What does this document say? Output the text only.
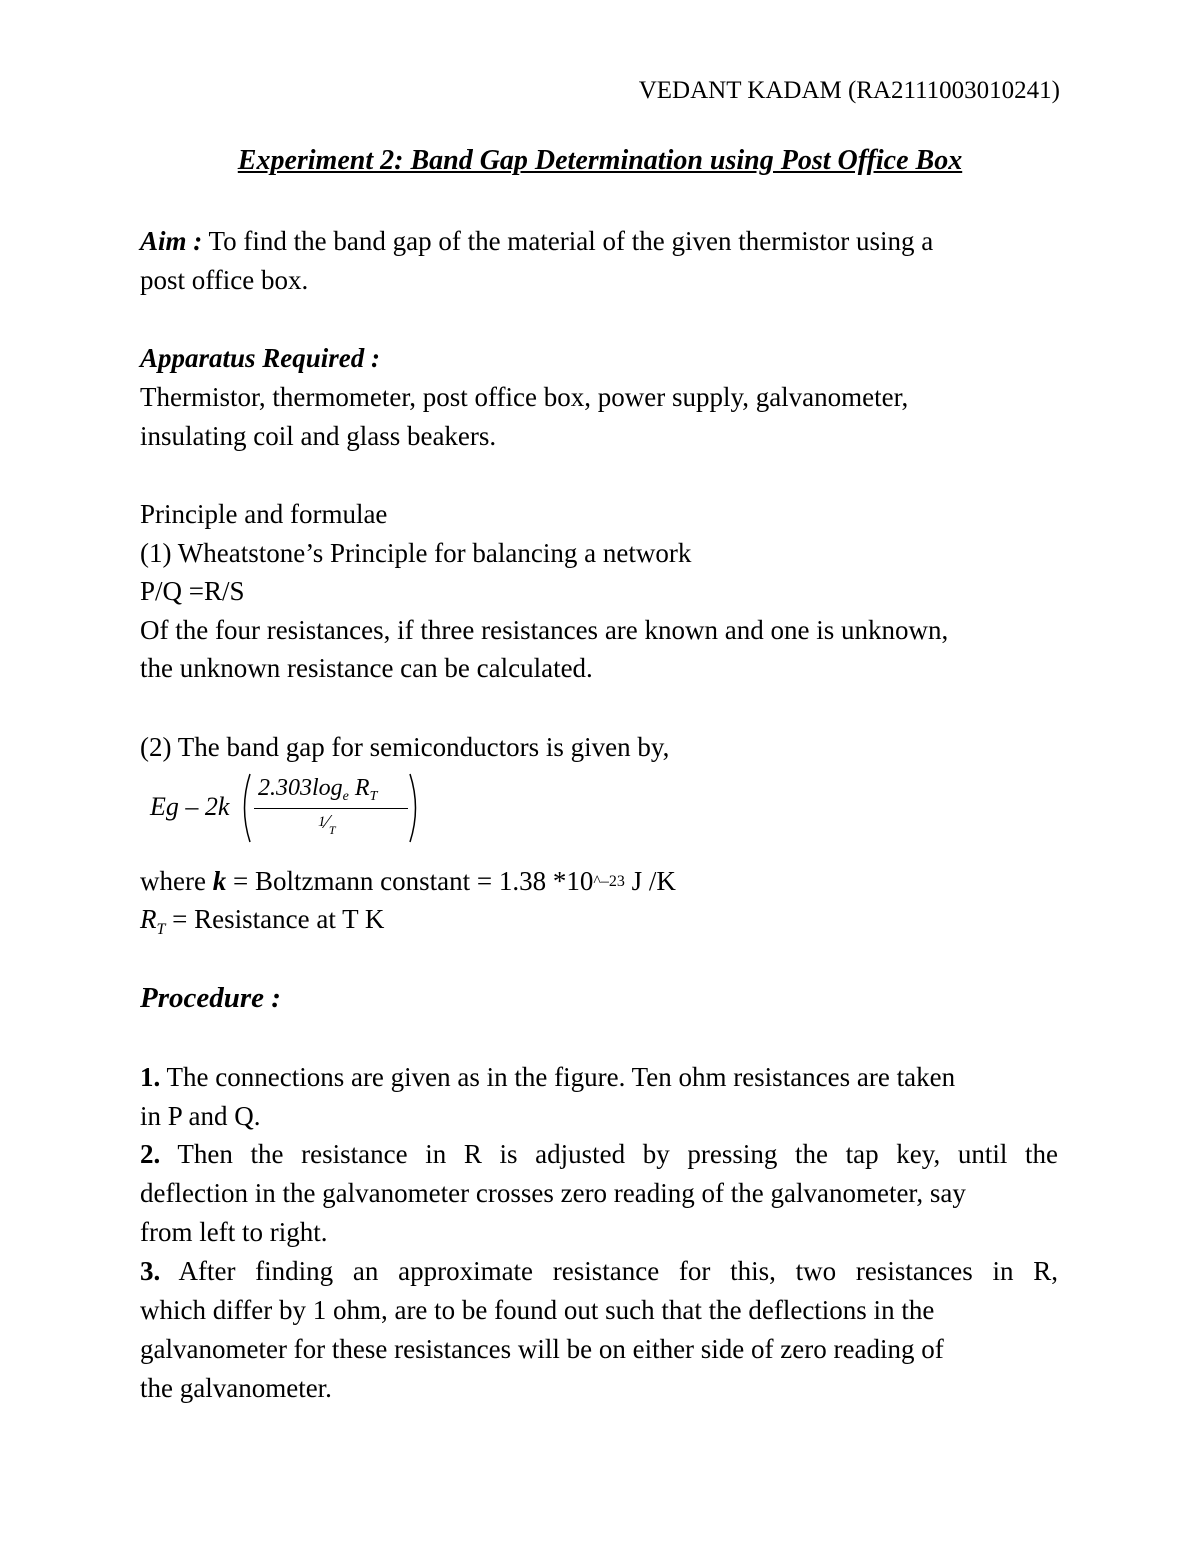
VEDANT KADAM (RA2111003010241)
Experiment 2: Band Gap Determination using Post Office Box
Aim : To find the band gap of the material of the given thermistor using a
post office box.
Apparatus Required :
Thermistor, thermometer, post office box, power supply, galvanometer,
insulating coil and glass beakers.
Principle and formulae
(1) Wheatstone’s Principle for balancing a network
P/Q =R/S
Of the four resistances, if three resistances are known and one is unknown,
the unknown resistance can be calculated.
(2) The band gap for semiconductors is given by,
Eg – 2k
$2.303\log_e$ $R_T$
$1⁄_T$
where k = Boltzmann constant = 1.38 *10^–23 J /K
$R_T$ = Resistance at T K
Procedure :
1. The connections are given as in the figure. Ten ohm resistances are taken
in P and Q.
2. Then the resistance in R is adjusted by pressing the tap key, until the
deflection in the galvanometer crosses zero reading of the galvanometer, say
from left to right.
3. After finding an approximate resistance for this, two resistances in R,
which differ by 1 ohm, are to be found out such that the deflections in the
galvanometer for these resistances will be on either side of zero reading of
the galvanometer.
